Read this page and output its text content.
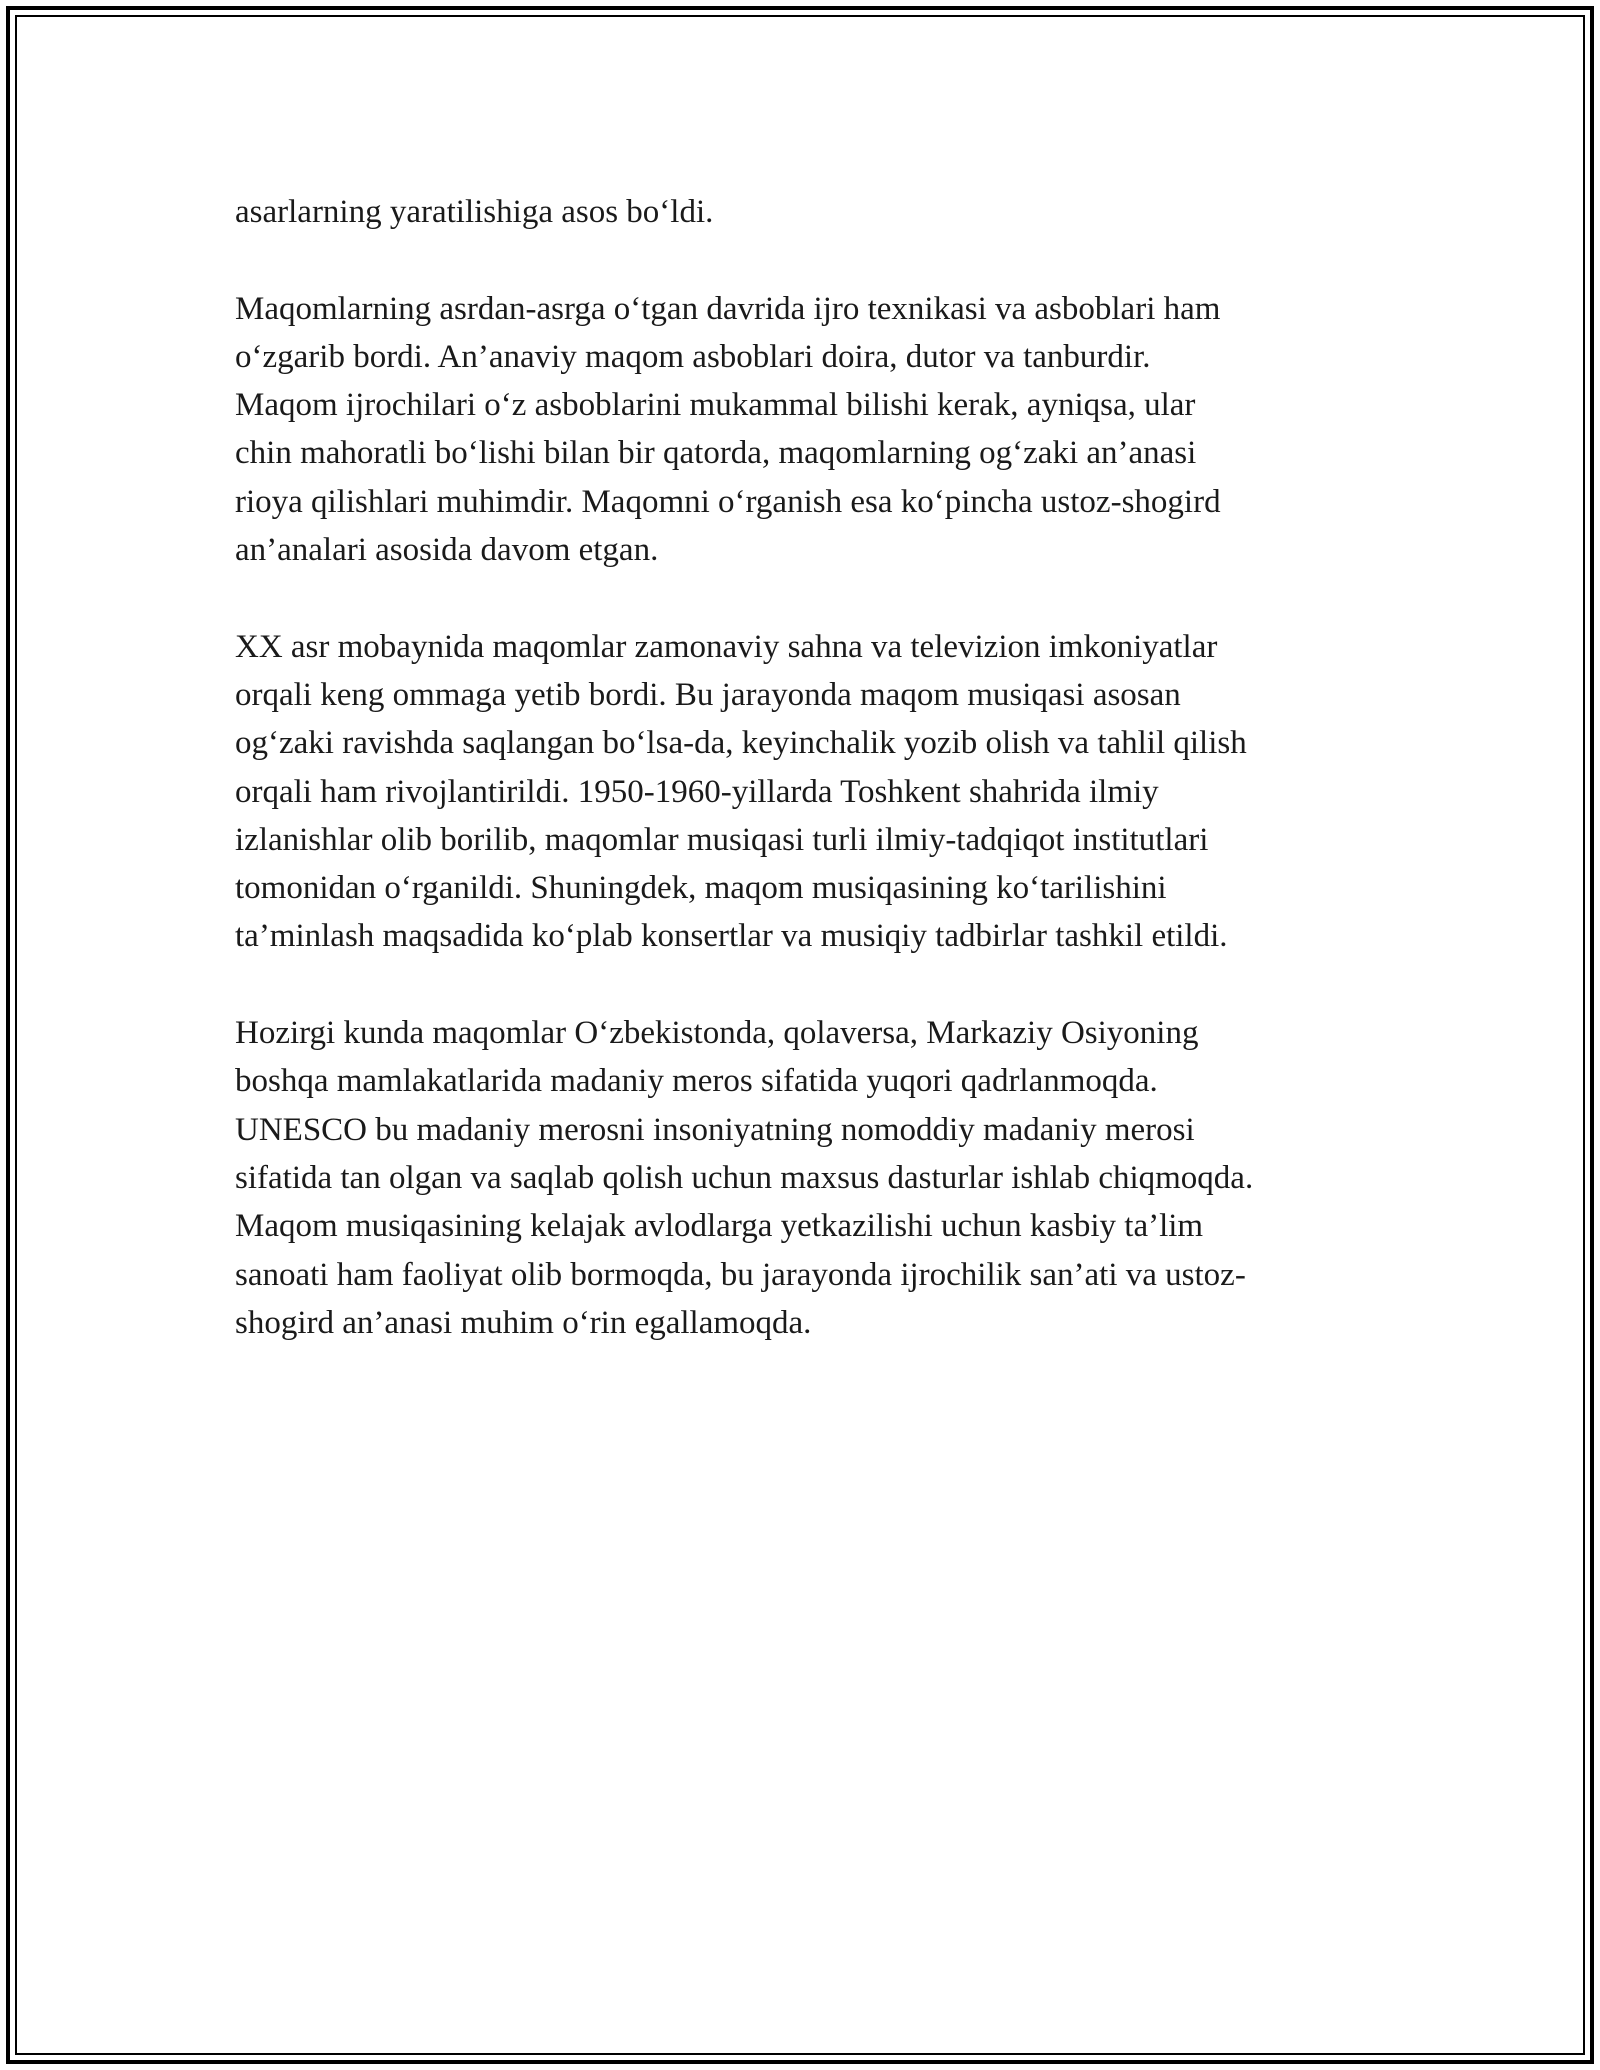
asarlarning yaratilishiga asos bo‘ldi.

Maqomlarning asrdan-asrga o‘tgan davrida ijro texnikasi va asboblari ham
o‘zgarib bordi. An’anaviy maqom asboblari doira, dutor va tanburdir.
Maqom ijrochilari o‘z asboblarini mukammal bilishi kerak, ayniqsa, ular
chin mahoratli bo‘lishi bilan bir qatorda, maqomlarning og‘zaki an’anasi
rioya qilishlari muhimdir. Maqomni o‘rganish esa ko‘pincha ustoz-shogird
an’analari asosida davom etgan.

XX asr mobaynida maqomlar zamonaviy sahna va televizion imkoniyatlar
orqali keng ommaga yetib bordi. Bu jarayonda maqom musiqasi asosan
og‘zaki ravishda saqlangan bo‘lsa-da, keyinchalik yozib olish va tahlil qilish
orqali ham rivojlantirildi. 1950-1960-yillarda Toshkent shahrida ilmiy
izlanishlar olib borilib, maqomlar musiqasi turli ilmiy-tadqiqot institutlari
tomonidan o‘rganildi. Shuningdek, maqom musiqasining ko‘tarilishini
ta’minlash maqsadida ko‘plab konsertlar va musiqiy tadbirlar tashkil etildi.

Hozirgi kunda maqomlar O‘zbekistonda, qolaversa, Markaziy Osiyoning
boshqa mamlakatlarida madaniy meros sifatida yuqori qadrlanmoqda.
UNESCO bu madaniy merosni insoniyatning nomoddiy madaniy merosi
sifatida tan olgan va saqlab qolish uchun maxsus dasturlar ishlab chiqmoqda.
Maqom musiqasining kelajak avlodlarga yetkazilishi uchun kasbiy ta’lim
sanoati ham faoliyat olib bormoqda, bu jarayonda ijrochilik san’ati va ustoz-
shogird an’anasi muhim o‘rin egallamoqda.
